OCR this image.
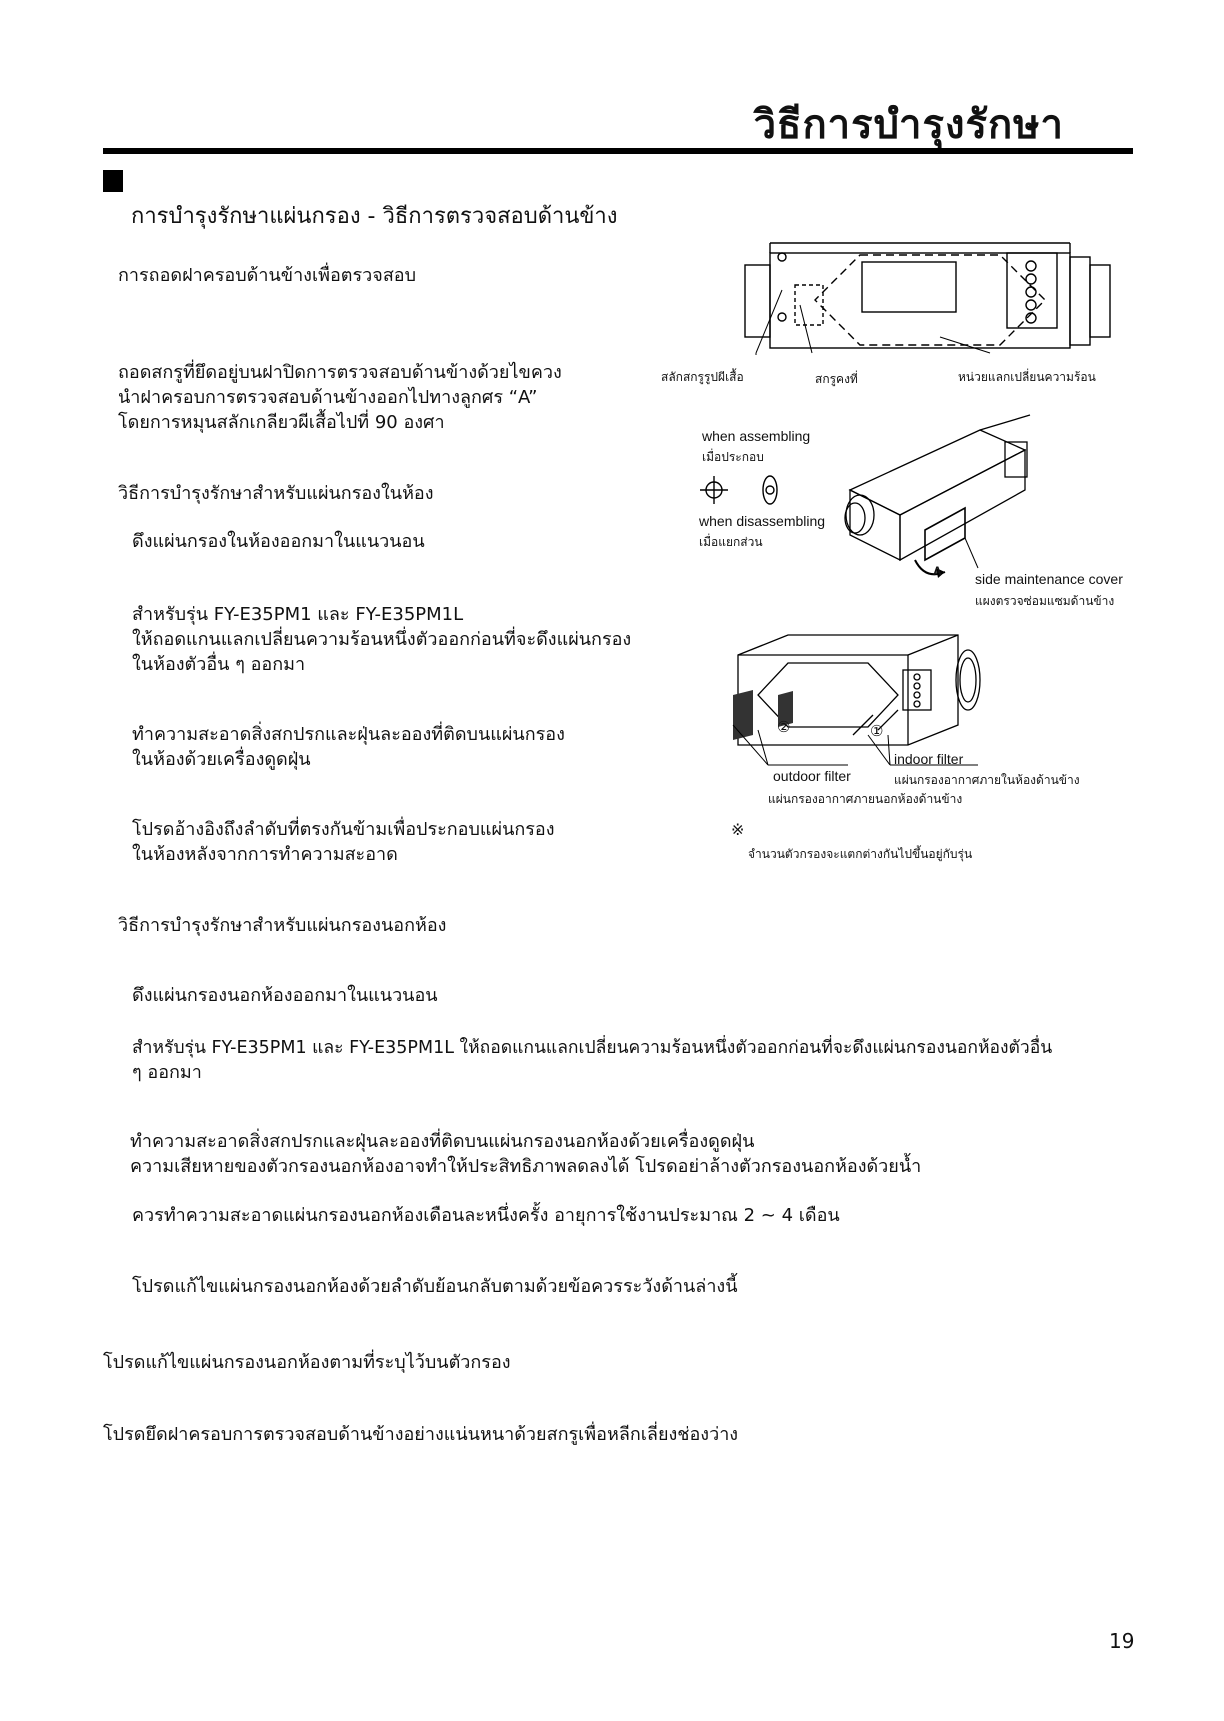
วิธีการบำรุงรักษา
การบำรุงรักษาแผ่นกรอง - วิธีการตรวจสอบด้านข้าง
การถอดฝาครอบด้านข้างเพื่อตรวจสอบ
ถอดสกรูที่ยึดอยู่บนฝาปิดการตรวจสอบด้านข้างด้วยไขควง
นำฝาครอบการตรวจสอบด้านข้างออกไปทางลูกศร “A”
โดยการหมุนสลักเกลียวผีเสื้อไปที่ 90 องศา
วิธีการบำรุงรักษาสำหรับแผ่นกรองในห้อง
ดึงแผ่นกรองในห้องออกมาในแนวนอน
สำหรับรุ่น FY-E35PM1 และ FY-E35PM1L
ให้ถอดแกนแลกเปลี่ยนความร้อนหนึ่งตัวออกก่อนที่จะดึงแผ่นกรอง
ในห้องตัวอื่น ๆ ออกมา
ทำความสะอาดสิ่งสกปรกและฝุ่นละอองที่ติดบนแผ่นกรอง
ในห้องด้วยเครื่องดูดฝุ่น
โปรดอ้างอิงถึงลำดับที่ตรงกันข้ามเพื่อประกอบแผ่นกรอง
ในห้องหลังจากการทำความสะอาด
วิธีการบำรุงรักษาสำหรับแผ่นกรองนอกห้อง
ดึงแผ่นกรองนอกห้องออกมาในแนวนอน
สำหรับรุ่น FY-E35PM1 และ FY-E35PM1L ให้ถอดแกนแลกเปลี่ยนความร้อนหนึ่งตัวออกก่อนที่จะดึงแผ่นกรองนอกห้องตัวอื่น
ๆ ออกมา
ทำความสะอาดสิ่งสกปรกและฝุ่นละอองที่ติดบนแผ่นกรองนอกห้องด้วยเครื่องดูดฝุ่น
ความเสียหายของตัวกรองนอกห้องอาจทำให้ประสิทธิภาพลดลงได้ โปรดอย่าล้างตัวกรองนอกห้องด้วยน้ำ
ควรทำความสะอาดแผ่นกรองนอกห้องเดือนละหนึ่งครั้ง อายุการใช้งานประมาณ 2 ~ 4 เดือน
โปรดแก้ไขแผ่นกรองนอกห้องด้วยลำดับย้อนกลับตามด้วยข้อควรระวังด้านล่างนี้
โปรดแก้ไขแผ่นกรองนอกห้องตามที่ระบุไว้บนตัวกรอง
โปรดยึดฝาครอบการตรวจสอบด้านข้างอย่างแน่นหนาด้วยสกรูเพื่อหลีกเลี่ยงช่องว่าง
19
สลักสกรูรูปผีเสื้อ	สกรูคงที่	หน่วยแลกเปลี่ยนความร้อน
when assembling
เมื่อประกอบ
when disassembling
เมื่อแยกส่วน
A side maintenance cover
แผงตรวจซ่อมแซมด้านข้าง
②	①
indoor filter
แผ่นกรองอากาศภายในห้องด้านข้าง
outdoor filter
แผ่นกรองอากาศภายนอกห้องด้านข้าง
※
จำนวนตัวกรองจะแตกต่างกันไปขึ้นอยู่กับรุ่น
